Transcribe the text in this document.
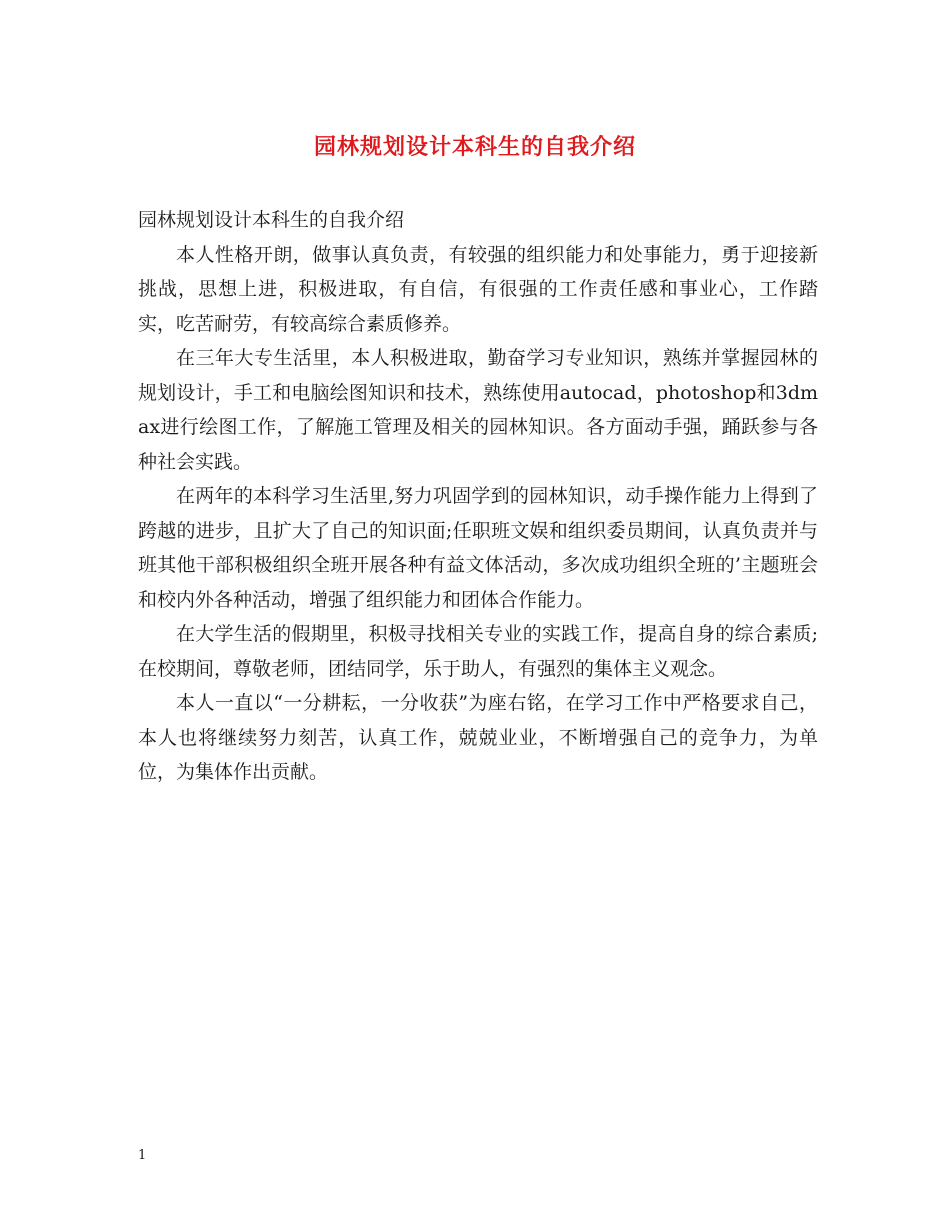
园林规划设计本科生的自我介绍

园林规划设计本科生的自我介绍

本人性格开朗，做事认真负责，有较强的组织能力和处事能力，勇于迎接新挑战，思想上进，积极进取，有自信，有很强的工作责任感和事业心，工作踏实，吃苦耐劳，有较高综合素质修养。

在三年大专生活里，本人积极进取，勤奋学习专业知识，熟练并掌握园林的规划设计，手工和电脑绘图知识和技术，熟练使用autocad，photoshop和3dmax进行绘图工作，了解施工管理及相关的园林知识。各方面动手强，踊跃参与各种社会实践。

在两年的本科学习生活里,努力巩固学到的园林知识，动手操作能力上得到了跨越的进步，且扩大了自己的知识面;任职班文娱和组织委员期间，认真负责并与班其他干部积极组织全班开展各种有益文体活动，多次成功组织全班的’主题班会和校内外各种活动，增强了组织能力和团体合作能力。

在大学生活的假期里，积极寻找相关专业的实践工作，提高自身的综合素质;在校期间，尊敬老师，团结同学，乐于助人，有强烈的集体主义观念。

本人一直以“一分耕耘，一分收获”为座右铭，在学习工作中严格要求自己，本人也将继续努力刻苦，认真工作，兢兢业业，不断增强自己的竞争力，为单位，为集体作出贡献。

1
